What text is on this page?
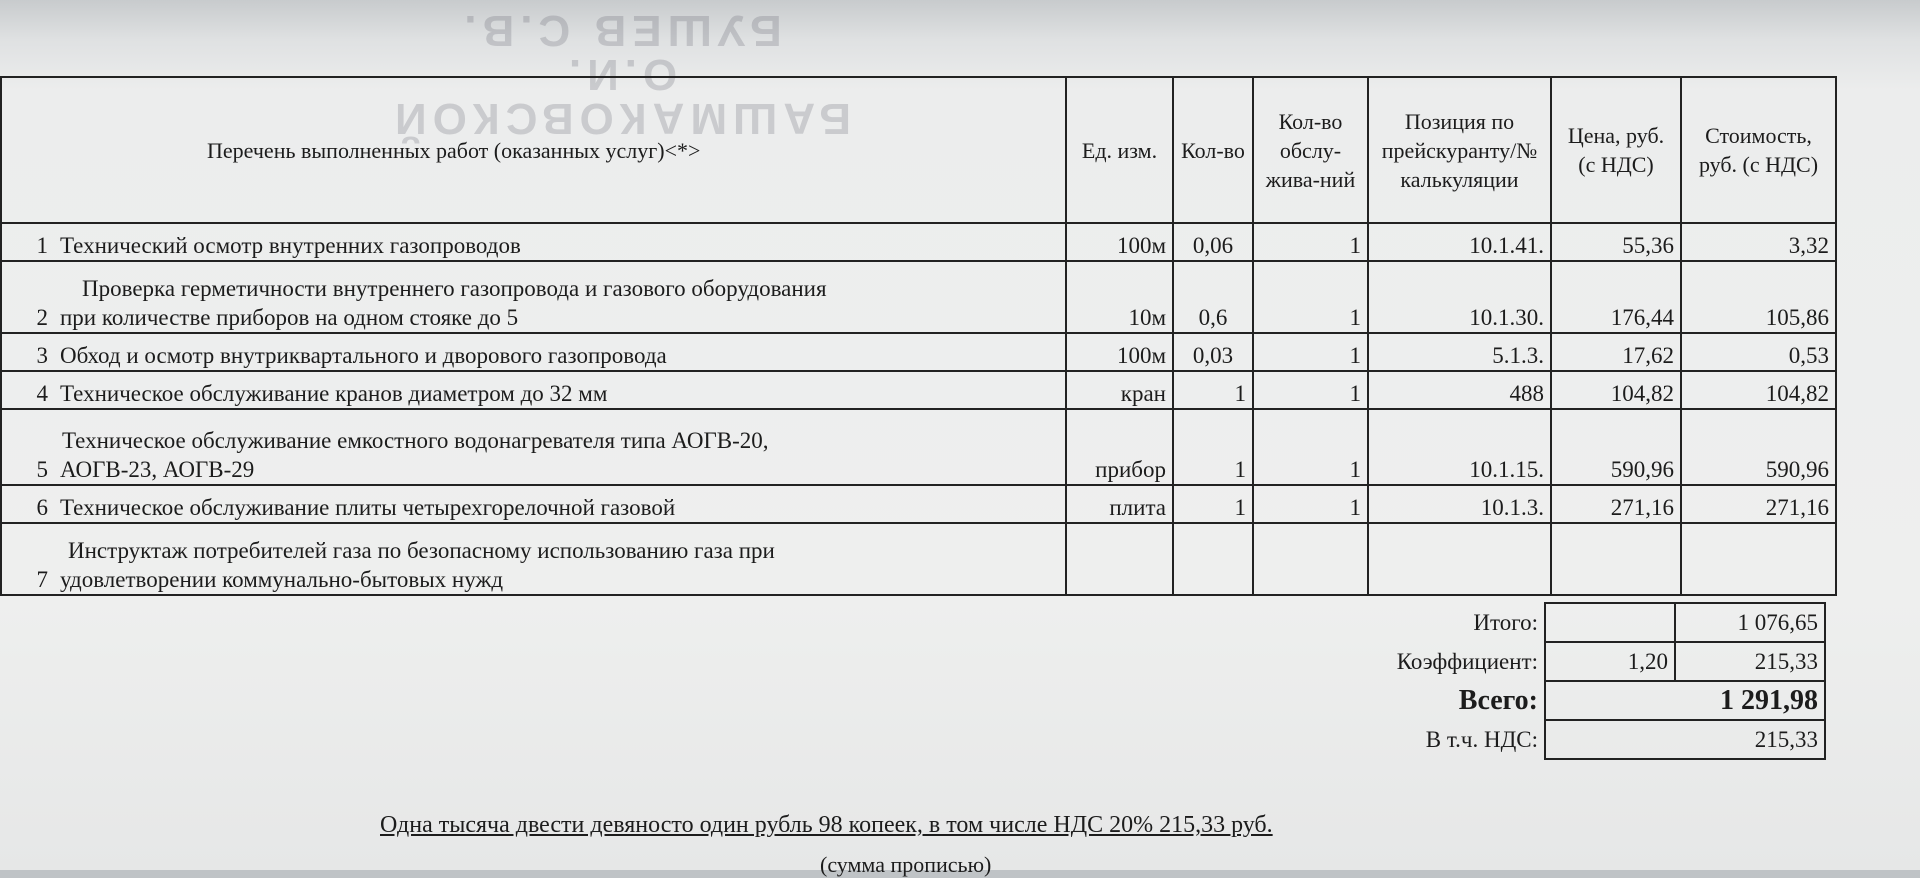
БАШМАКОВСКОЙ О.И.
БУШЕВ С.В.
Перечень выполненных работ (оказанных услуг)<*>	Ед. изм.	Кол-во	Кол-во обслу-жива-ний	Позиция по прейскуранту/№ калькуляции	Цена, руб. (с НДС)	Стоимость, руб. (с НДС)
1 Технический осмотр внутренних газопроводов	100м	0,06	1	10.1.41.	55,36	3,32
2Проверка герметичности внутреннего газопровода и газового оборудования
при количестве приборов на одном стояке до 5	10м	0,6	1	10.1.30.	176,44	105,86
3 Обход и осмотр внутриквартального и дворового газопровода	100м	0,03	1	5.1.3.	17,62	0,53
4 Техническое обслуживание кранов диаметром до 32 мм	кран	1	1	488	104,82	104,82
5Техническое обслуживание емкостного водонагревателя типа АОГВ-20,
АОГВ-23, АОГВ-29	прибор	1	1	10.1.15.	590,96	590,96
6 Техническое обслуживание плиты четырехгорелочной газовой	плита	1	1	10.1.3.	271,16	271,16
7Инструктаж потребителей газа по безопасному использованию газа при
удовлетворении коммунально-бытовых нужд						
Итого:		1 076,65
Коэффициент:	1,20	215,33
Всего:	1 291,98	
В т.ч. НДС:	215,33	
Одна тысяча двести девяносто один рубль 98 копеек, в том числе НДС 20% 215,33 руб.
(сумма прописью)
